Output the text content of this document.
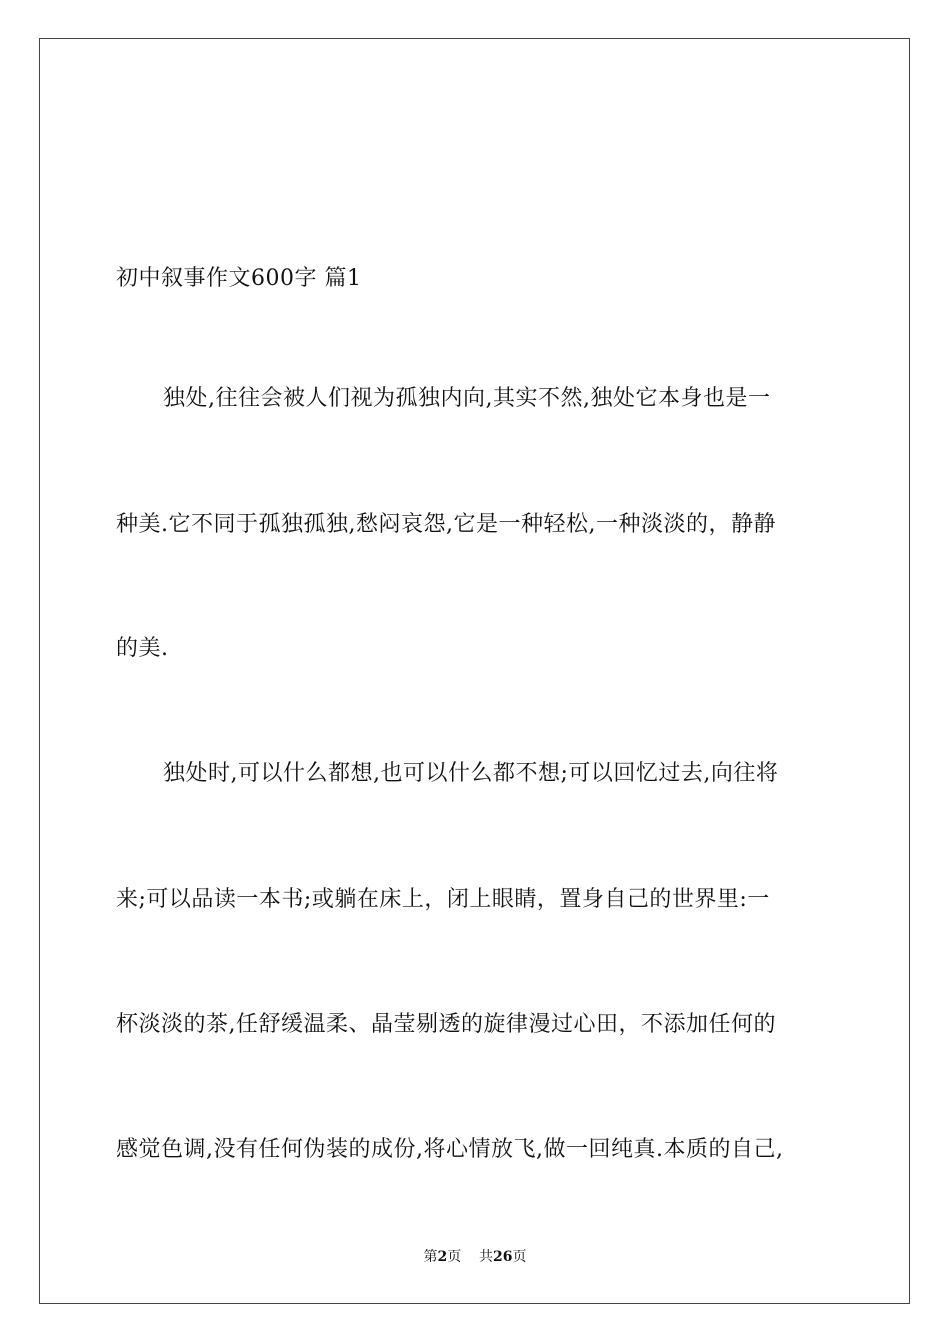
初中叙事作文600字 篇1
独处,往往会被人们视为孤独内向,其实不然,独处它本身也是一
种美.它不同于孤独孤独,愁闷哀怨,它是一种轻松,一种淡淡的，静静
的美.
独处时,可以什么都想,也可以什么都不想;可以回忆过去,向往将
来;可以品读一本书;或躺在床上，闭上眼睛，置身自己的世界里:一
杯淡淡的茶,任舒缓温柔、晶莹剔透的旋律漫过心田，不添加任何的
感觉色调,没有任何伪装的成份,将心情放飞,做一回纯真.本质的自己,
第2页 共26页
